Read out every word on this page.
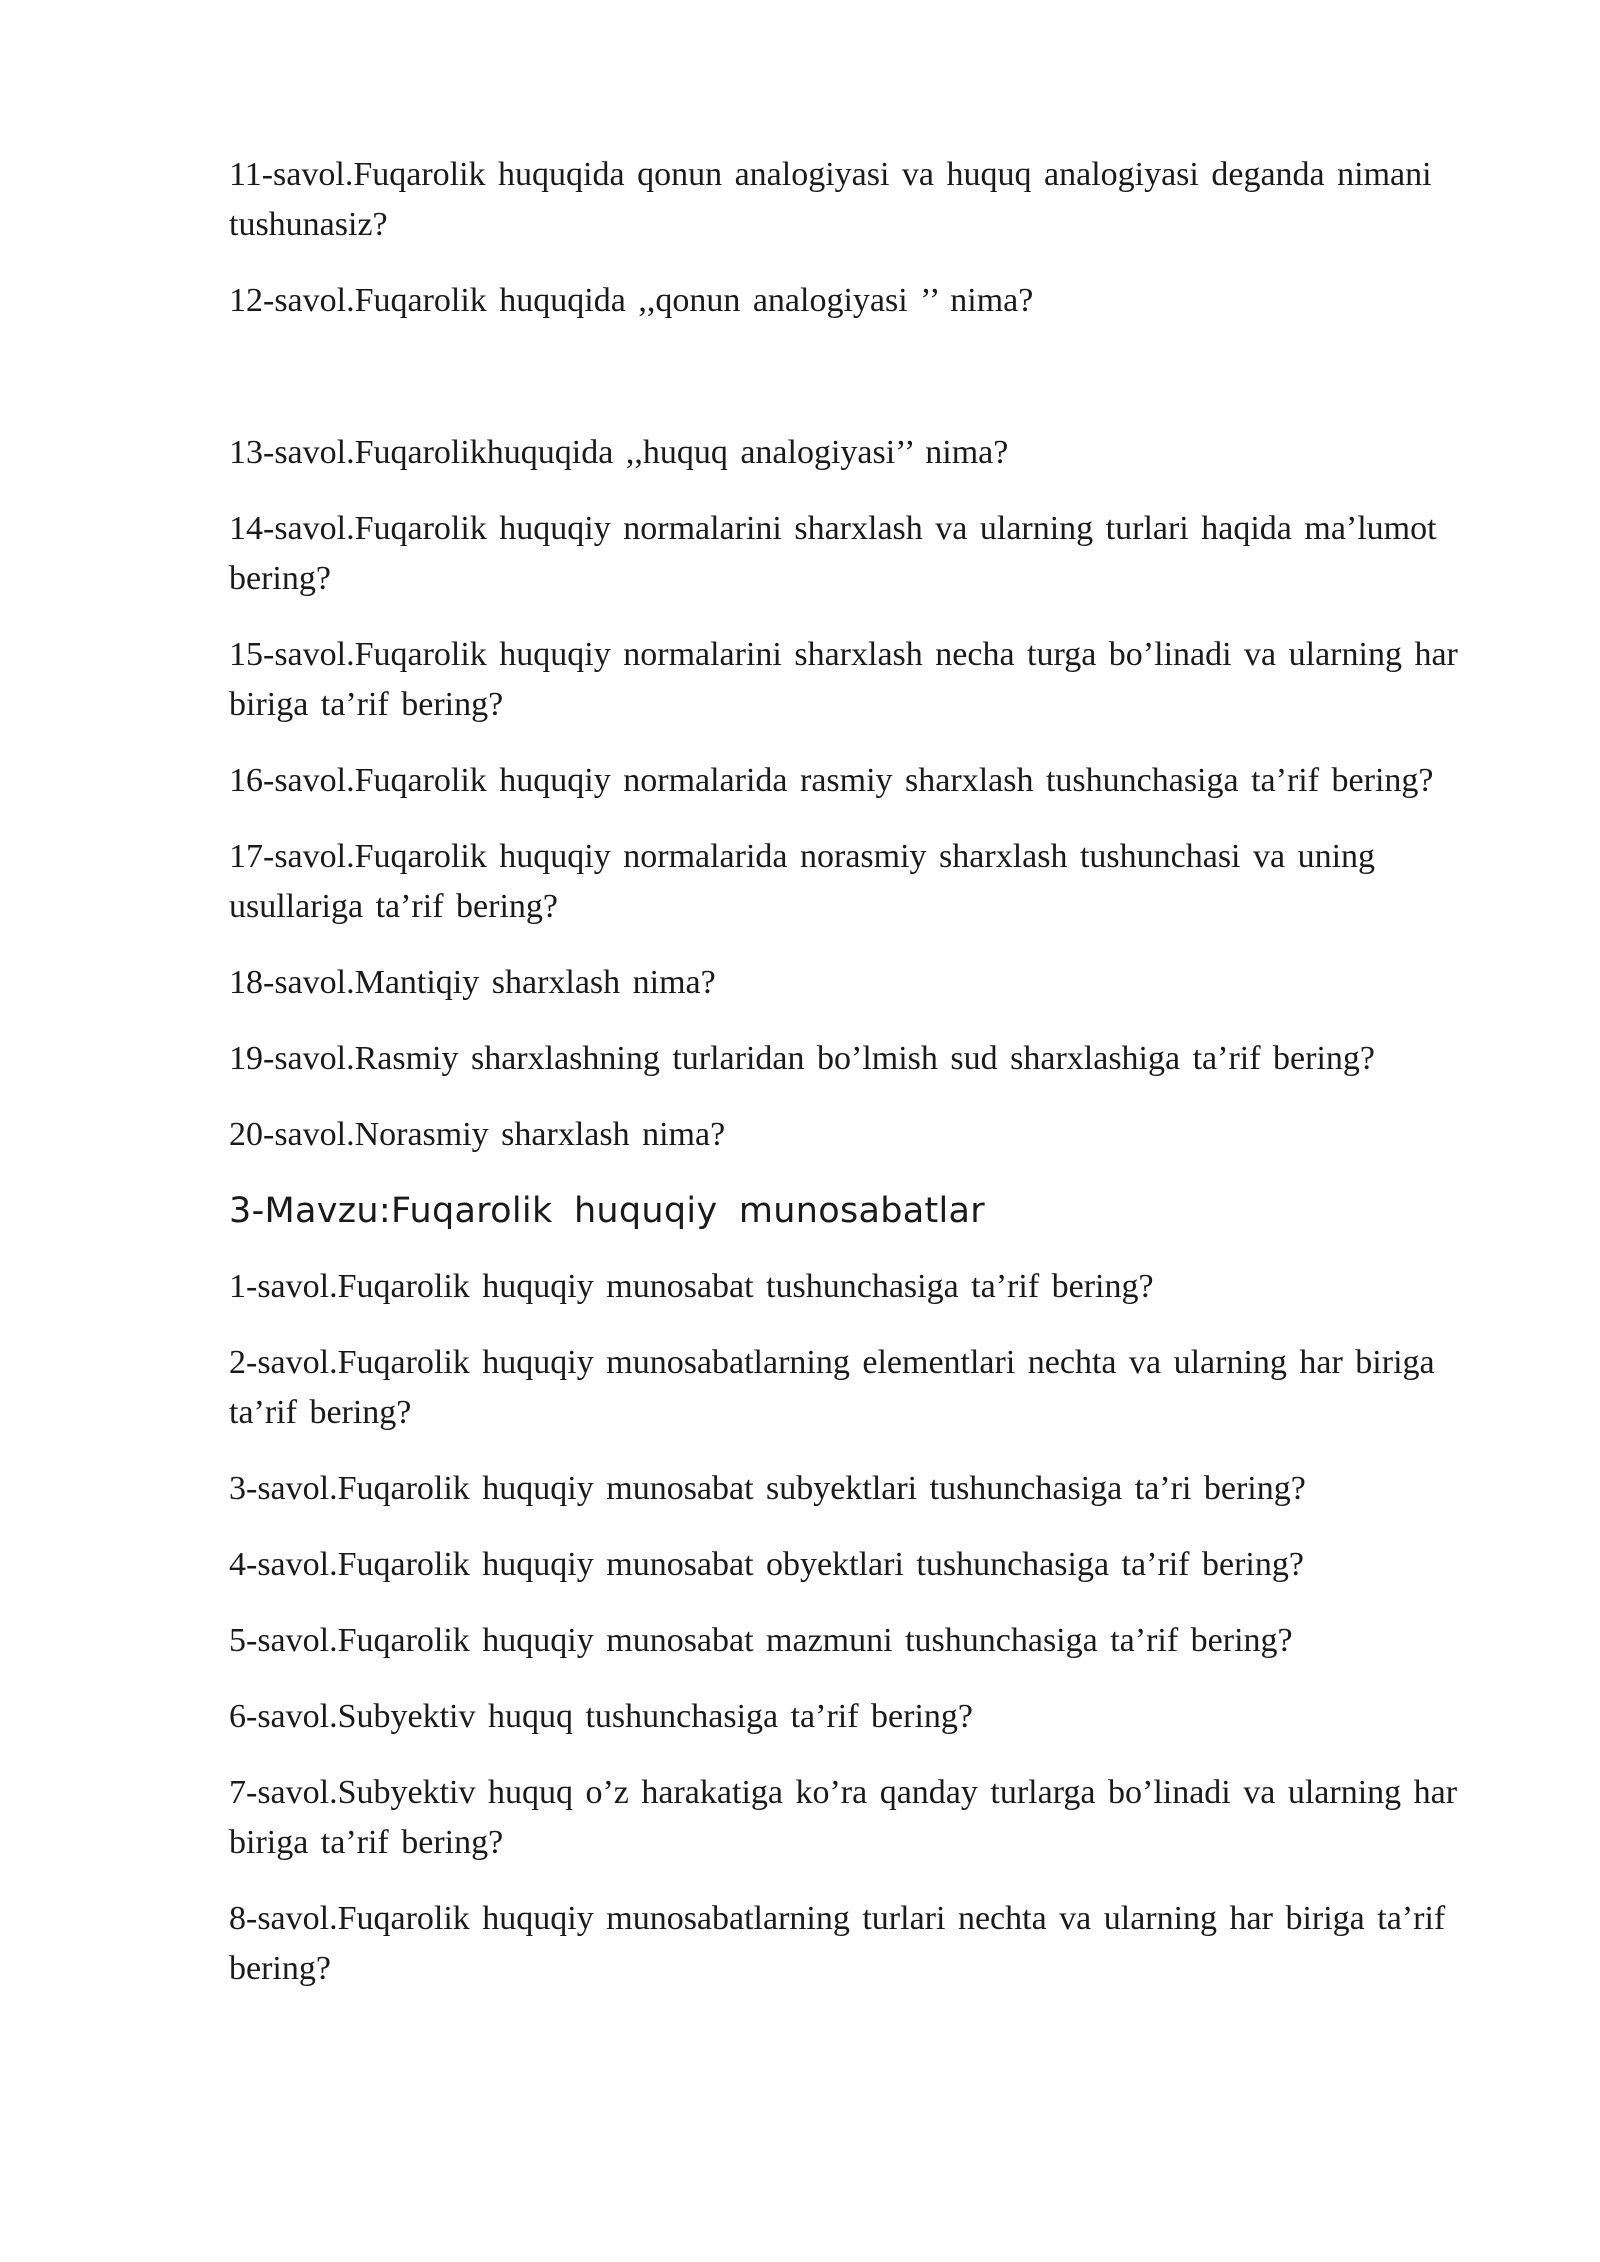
11-savol.Fuqarolik huquqida qonun analogiyasi va huquq analogiyasi deganda nimani tushunasiz?

12-savol.Fuqarolik huquqida ,,qonun analogiyasi ’’ nima?

13-savol.Fuqarolikhuquqida ,,huquq analogiyasi’’ nima?

14-savol.Fuqarolik huquqiy normalarini sharxlash va ularning turlari haqida ma’lumot bering?

15-savol.Fuqarolik huquqiy normalarini sharxlash necha turga bo’linadi va ularning har biriga ta’rif bering?

16-savol.Fuqarolik huquqiy normalarida rasmiy sharxlash tushunchasiga ta’rif bering?

17-savol.Fuqarolik huquqiy normalarida norasmiy sharxlash tushunchasi va uning usullariga ta’rif bering?

18-savol.Mantiqiy sharxlash nima?

19-savol.Rasmiy sharxlashning turlaridan bo’lmish sud sharxlashiga ta’rif bering?

20-savol.Norasmiy sharxlash nima?

3-Mavzu:Fuqarolik huquqiy munosabatlar

1-savol.Fuqarolik huquqiy munosabat tushunchasiga ta’rif bering?

2-savol.Fuqarolik huquqiy munosabatlarning elementlari nechta va ularning har biriga ta’rif bering?

3-savol.Fuqarolik huquqiy munosabat subyektlari tushunchasiga ta’ri bering?

4-savol.Fuqarolik huquqiy munosabat obyektlari tushunchasiga ta’rif bering?

5-savol.Fuqarolik huquqiy munosabat mazmuni tushunchasiga ta’rif bering?

6-savol.Subyektiv huquq tushunchasiga ta’rif bering?

7-savol.Subyektiv huquq o’z harakatiga ko’ra qanday turlarga bo’linadi va ularning har biriga ta’rif bering?

8-savol.Fuqarolik huquqiy munosabatlarning turlari nechta va ularning har biriga ta’rif bering?
